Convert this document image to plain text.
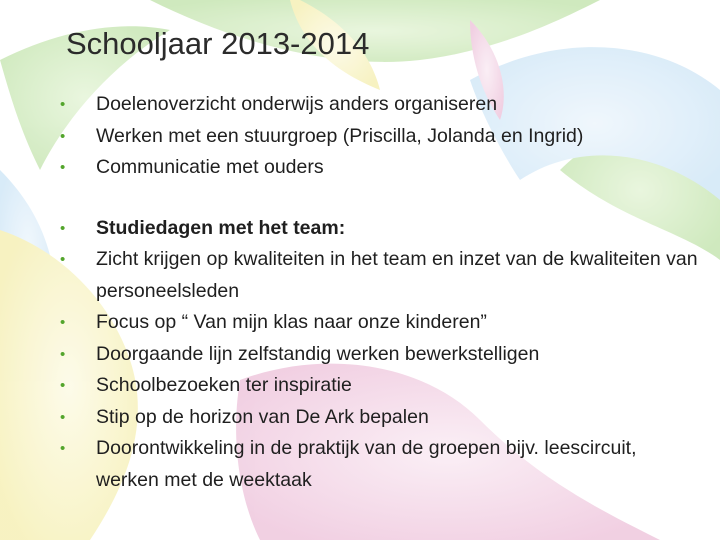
Schooljaar 2013-2014
• Doelenoverzicht onderwijs anders organiseren
• Werken met een stuurgroep (Priscilla, Jolanda en Ingrid)
• Communicatie met ouders
• Studiedagen met het team:
• Zicht krijgen op kwaliteiten in het team en inzet van de kwaliteiten van personeelsleden
• Focus op “ Van mijn klas naar onze kinderen”
• Doorgaande lijn zelfstandig werken bewerkstelligen
• Schoolbezoeken ter inspiratie
• Stip op de horizon van De Ark bepalen
• Doorontwikkeling in de praktijk van de groepen bijv. leescircuit, werken met de weektaak
